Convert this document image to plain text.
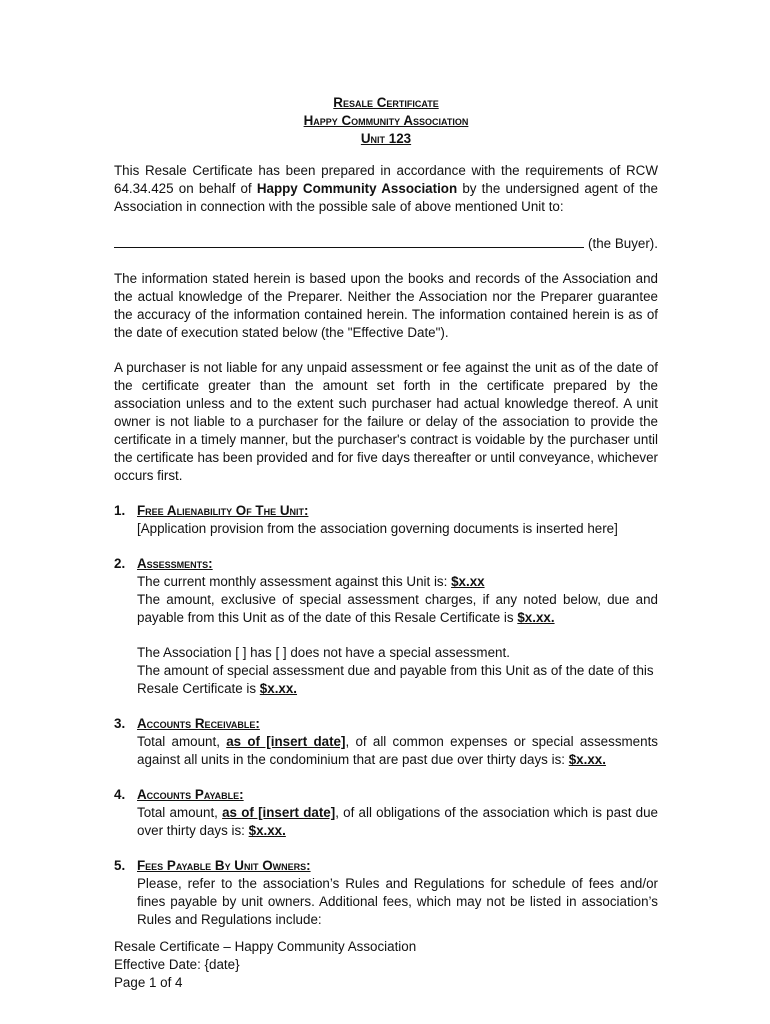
Resale Certificate
Happy Community Association
Unit 123

This Resale Certificate has been prepared in accordance with the requirements of RCW 64.34.425 on behalf of Happy Community Association by the undersigned agent of the Association in connection with the possible sale of above mentioned Unit to:

(the Buyer).

The information stated herein is based upon the books and records of the Association and the actual knowledge of the Preparer. Neither the Association nor the Preparer guarantee the accuracy of the information contained herein. The information contained herein is as of the date of execution stated below (the "Effective Date").

A purchaser is not liable for any unpaid assessment or fee against the unit as of the date of the certificate greater than the amount set forth in the certificate prepared by the association unless and to the extent such purchaser had actual knowledge thereof. A unit owner is not liable to a purchaser for the failure or delay of the association to provide the certificate in a timely manner, but the purchaser's contract is voidable by the purchaser until the certificate has been provided and for five days thereafter or until conveyance, whichever occurs first.

1. Free Alienability Of The Unit:

[Application provision from the association governing documents is inserted here]

2. Assessments:

The current monthly assessment against this Unit is: $x.xx

The amount, exclusive of special assessment charges, if any noted below, due and payable from this Unit as of the date of this Resale Certificate is $x.xx.

The Association [ ] has [ ] does not have a special assessment.

The amount of special assessment due and payable from this Unit as of the date of this Resale Certificate is $x.xx.

3. Accounts Receivable:

Total amount, as of [insert date], of all common expenses or special assessments against all units in the condominium that are past due over thirty days is: $x.xx.

4. Accounts Payable:

Total amount, as of [insert date], of all obligations of the association which is past due over thirty days is: $x.xx.

5. Fees Payable By Unit Owners:

Please, refer to the association’s Rules and Regulations for schedule of fees and/or fines payable by unit owners. Additional fees, which may not be listed in association’s Rules and Regulations include:

Resale Certificate – Happy Community Association
Effective Date: {date}
Page 1 of 4
